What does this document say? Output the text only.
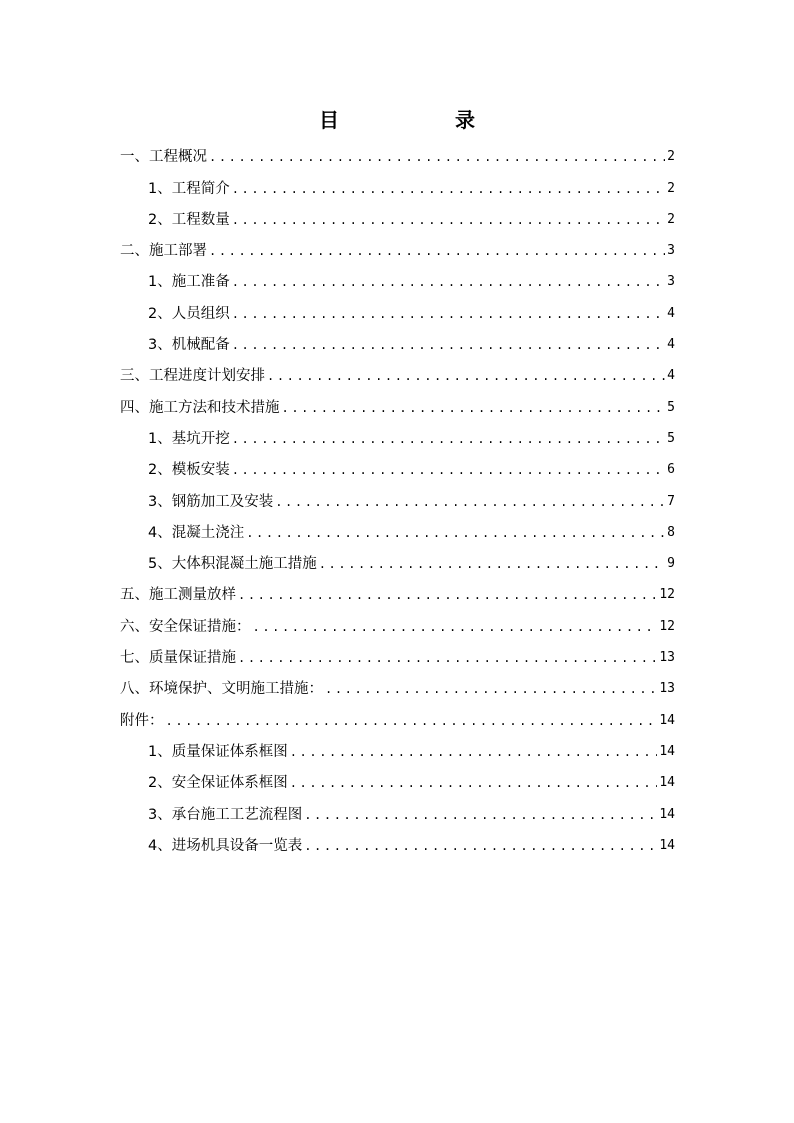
目　录
一、工程概况 .....	2
1、工程简介 .....	2
2、工程数量 .....	2
二、施工部署 .....	3
1、施工准备 .....	3
2、人员组织 .....	4
3、机械配备 .....	4
三、工程进度计划安排 .....	4
四、施工方法和技术措施 .....	5
1、基坑开挖 .....	5
2、模板安装 .....	6
3、钢筋加工及安装 .....	7
4、混凝土浇注 .....	8
5、大体积混凝土施工措施 .....	9
五、施工测量放样 .....	12
六、安全保证措施： .....	12
七、质量保证措施 .....	13
八、环境保护、文明施工措施： .....	13
附件： .....	14
1、质量保证体系框图 .....	14
2、安全保证体系框图 .....	14
3、承台施工工艺流程图 .....	14
4、进场机具设备一览表 .....	14
